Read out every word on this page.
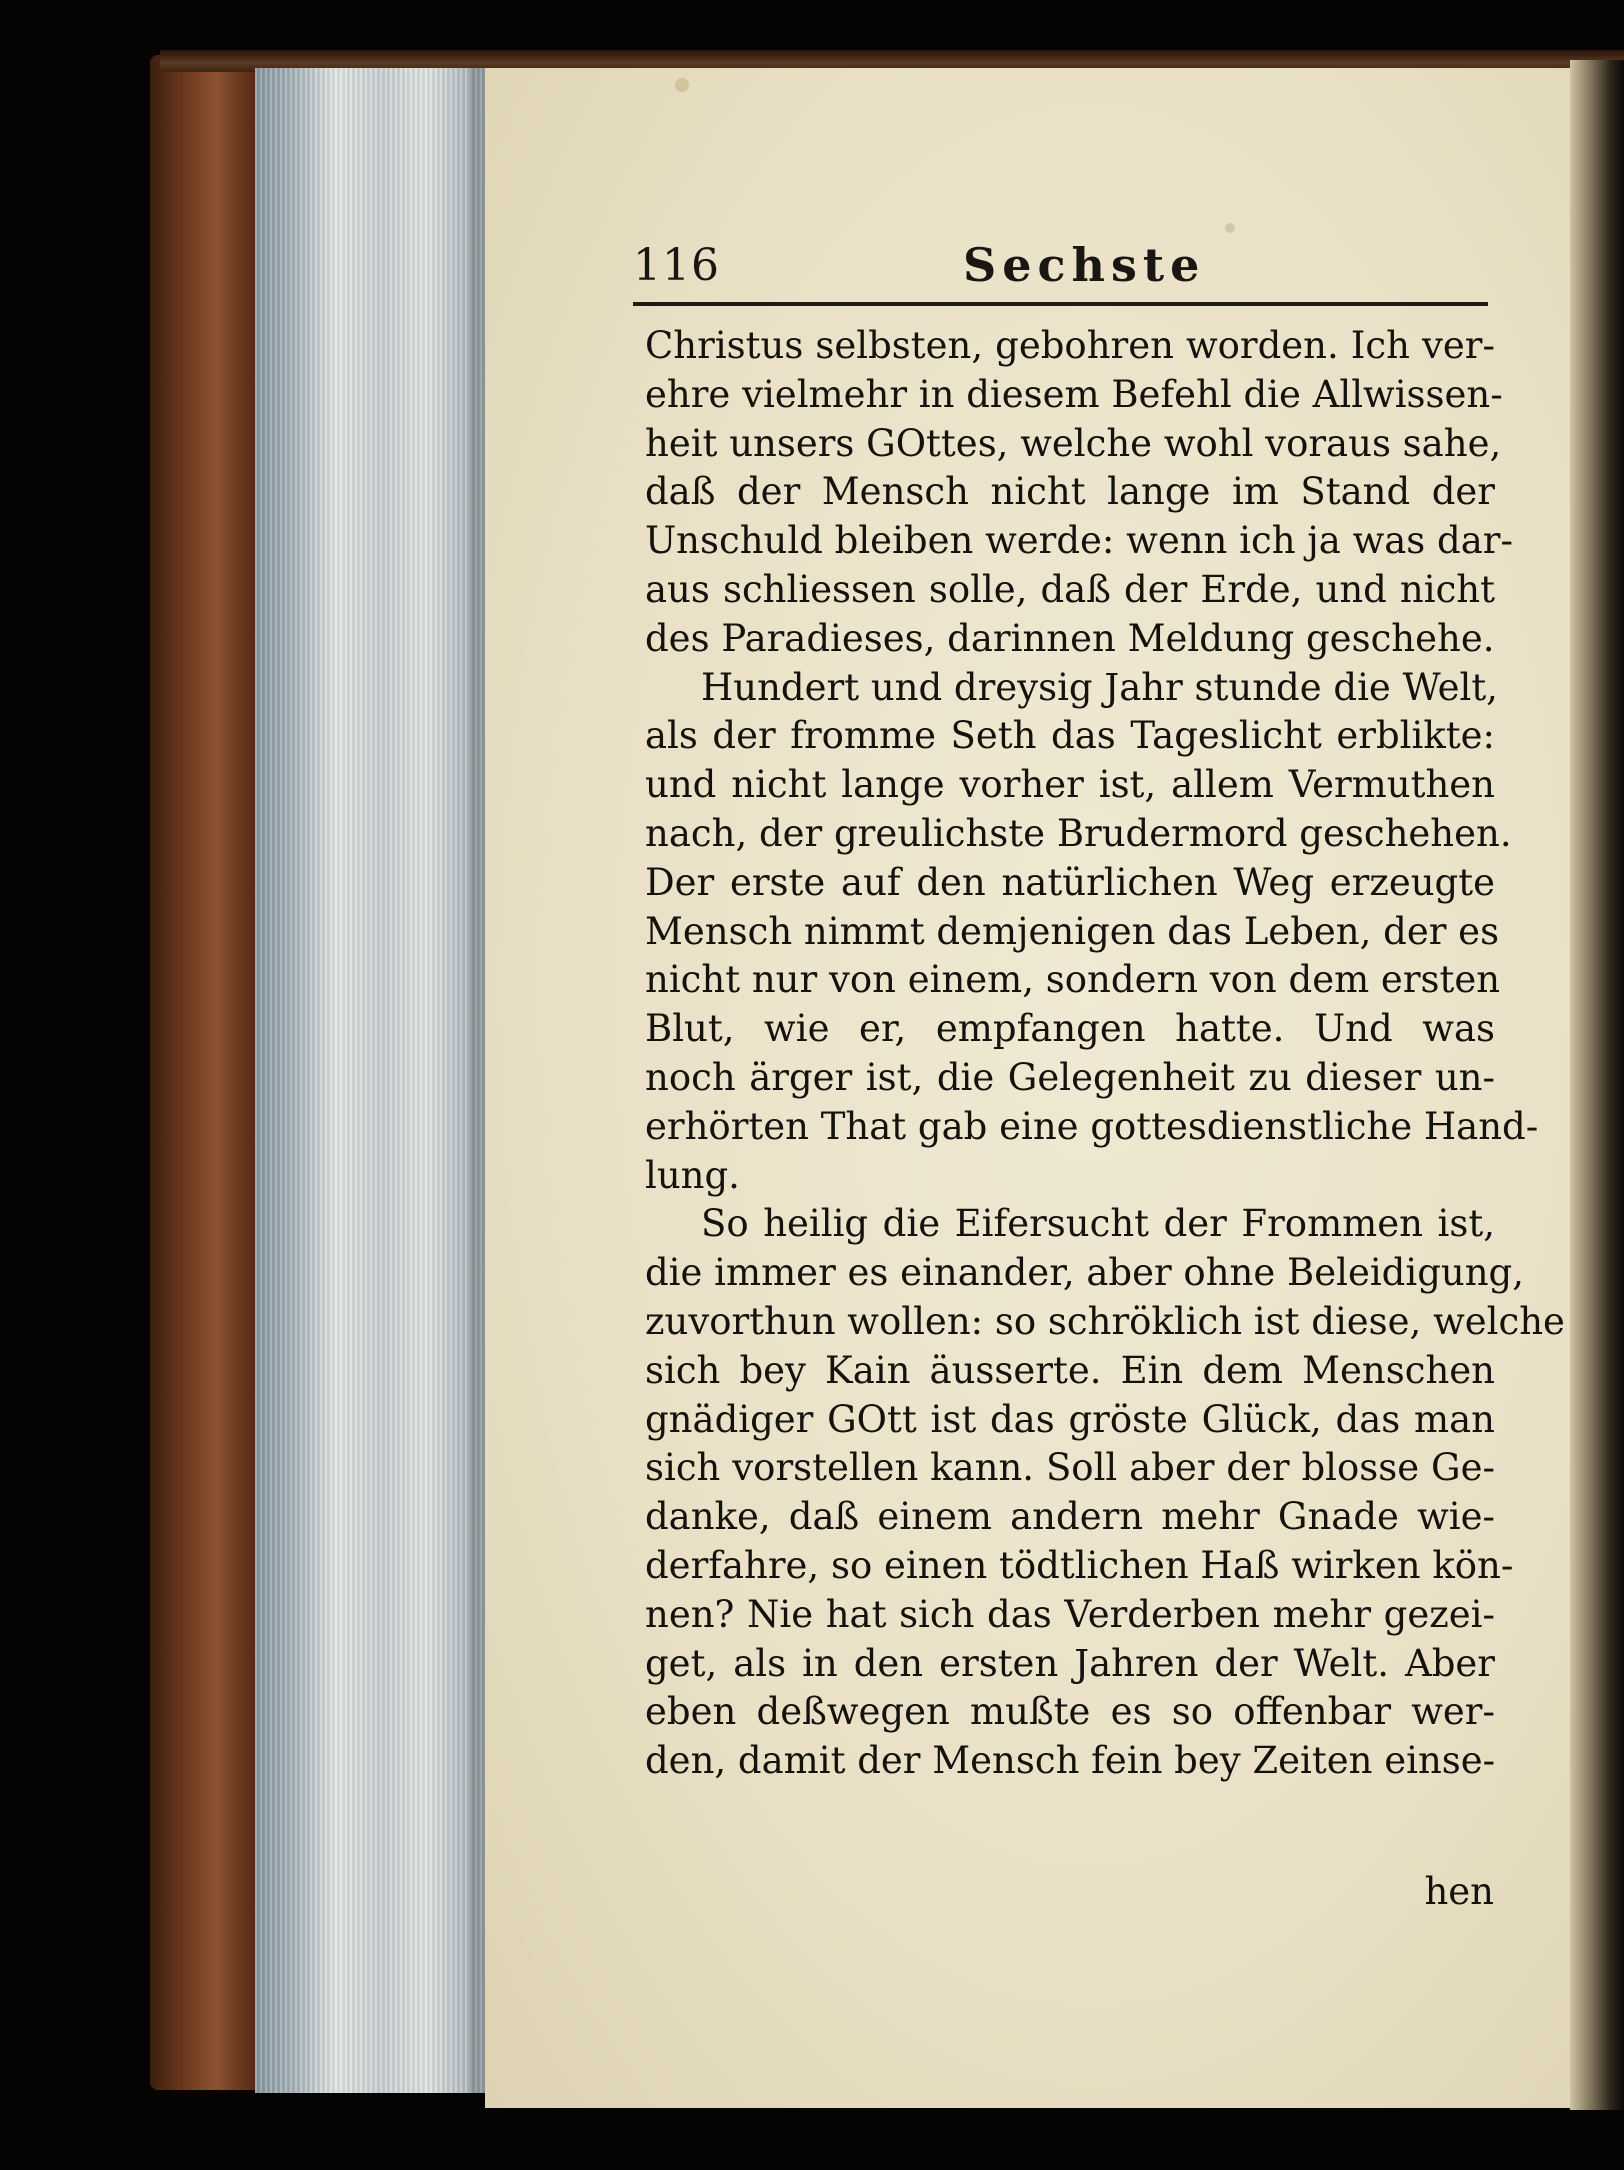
116	Sechste
Christus selbsten, gebohren worden. Ich ver-
ehre vielmehr in diesem Befehl die Allwissen-
heit unsers GOttes, welche wohl voraus sahe,
daß der Mensch nicht lange im Stand der
Unschuld bleiben werde: wenn ich ja was dar-
aus schliessen solle, daß der Erde, und nicht
des Paradieses, darinnen Meldung geschehe.
Hundert und dreysig Jahr stunde die Welt,
als der fromme Seth das Tageslicht erblikte:
und nicht lange vorher ist, allem Vermuthen
nach, der greulichste Brudermord geschehen.
Der erste auf den natürlichen Weg erzeugte
Mensch nimmt demjenigen das Leben, der es
nicht nur von einem, sondern von dem ersten
Blut, wie er, empfangen hatte. Und was
noch ärger ist, die Gelegenheit zu dieser un-
erhörten That gab eine gottesdienstliche Hand-
lung.
So heilig die Eifersucht der Frommen ist,
die immer es einander, aber ohne Beleidigung,
zuvorthun wollen: so schröklich ist diese, welche
sich bey Kain äusserte. Ein dem Menschen
gnädiger GOtt ist das gröste Glück, das man
sich vorstellen kann. Soll aber der blosse Ge-
danke, daß einem andern mehr Gnade wie-
derfahre, so einen tödtlichen Haß wirken kön-
nen? Nie hat sich das Verderben mehr gezei-
get, als in den ersten Jahren der Welt. Aber
eben deßwegen mußte es so offenbar wer-
den, damit der Mensch fein bey Zeiten einse-
hen
